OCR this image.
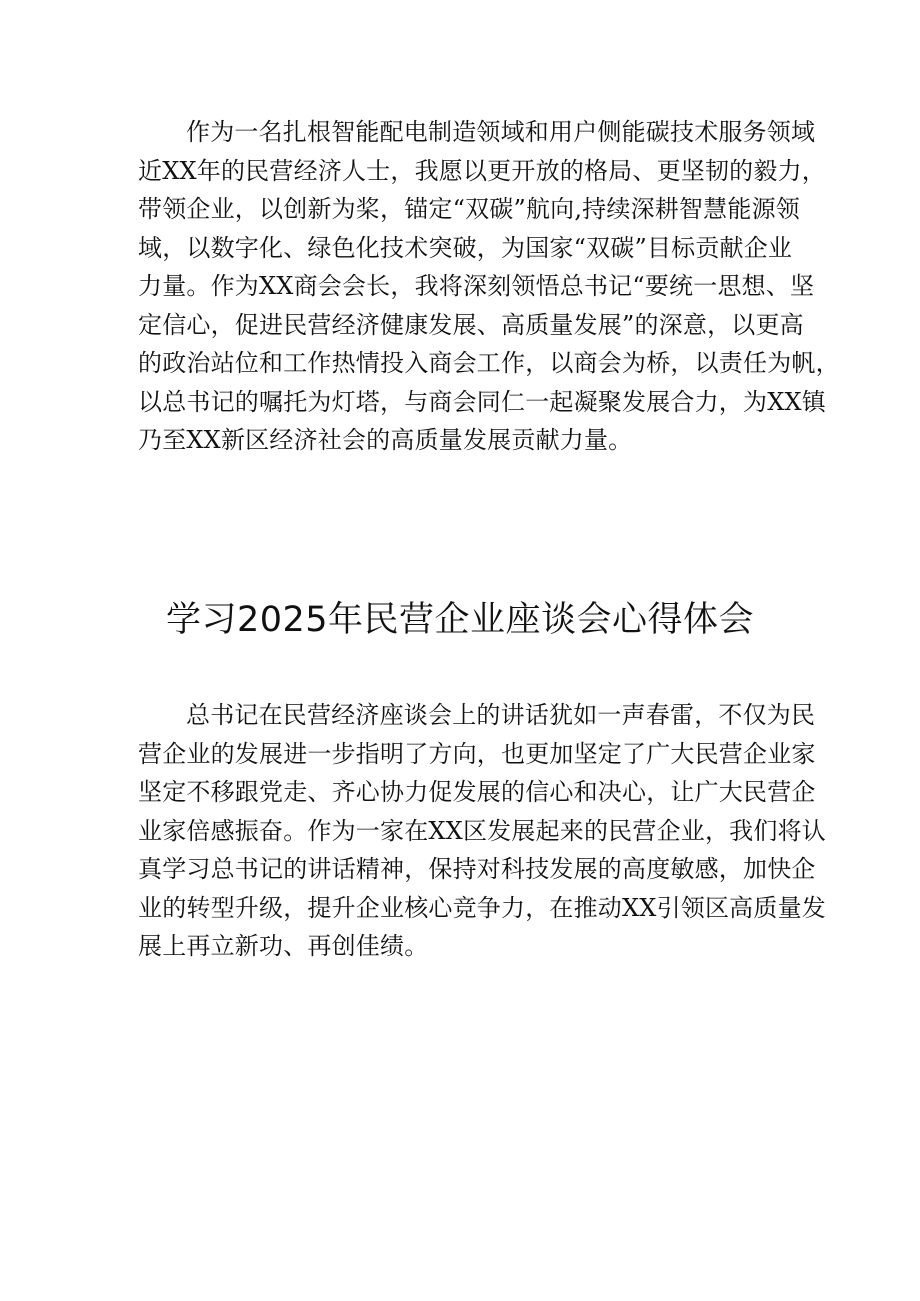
作为一名扎根智能配电制造领域和用户侧能碳技术服务领域
近XX年的民营经济人士，我愿以更开放的格局、更坚韧的毅力，
带领企业，以创新为桨，锚定“双碳”航向,持续深耕智慧能源领
域，以数字化、绿色化技术突破，为国家“双碳”目标贡献企业
力量。作为XX商会会长，我将深刻领悟总书记“要统一思想、坚
定信心，促进民营经济健康发展、高质量发展”的深意，以更高
的政治站位和工作热情投入商会工作，以商会为桥，以责任为帆，
以总书记的嘱托为灯塔，与商会同仁一起凝聚发展合力，为XX镇
乃至XX新区经济社会的高质量发展贡献力量。
学习2025年民营企业座谈会心得体会
总书记在民营经济座谈会上的讲话犹如一声春雷，不仅为民
营企业的发展进一步指明了方向，也更加坚定了广大民营企业家
坚定不移跟党走、齐心协力促发展的信心和决心，让广大民营企
业家倍感振奋。作为一家在XX区发展起来的民营企业，我们将认
真学习总书记的讲话精神，保持对科技发展的高度敏感，加快企
业的转型升级，提升企业核心竞争力，在推动XX引领区高质量发
展上再立新功、再创佳绩。
